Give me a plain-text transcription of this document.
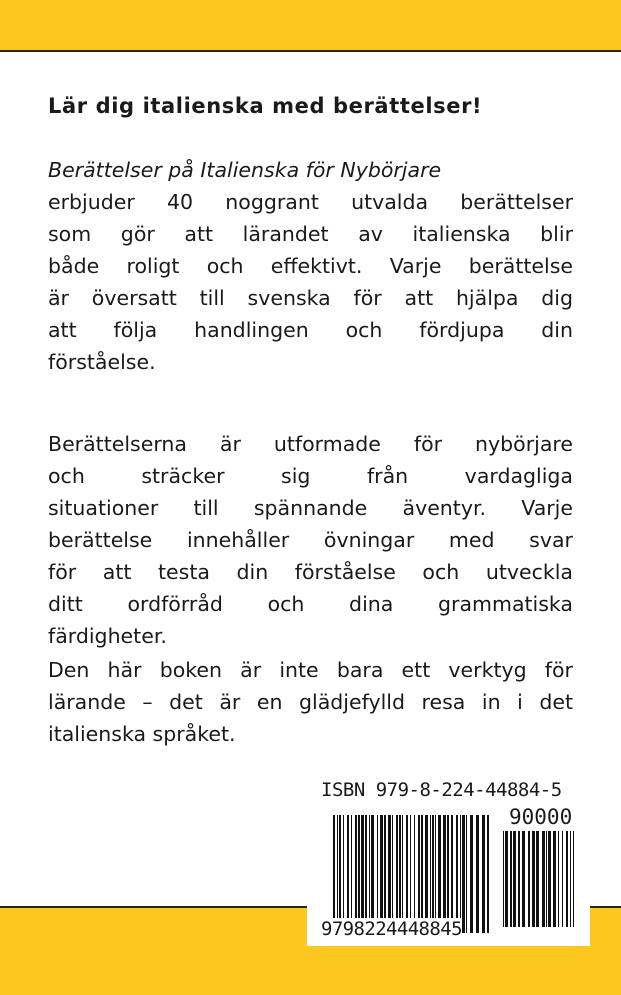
Lär dig italienska med berättelser!
Berättelser på Italienska för Nybörjare
erbjuder 40 noggrant utvalda berättelser
som gör att lärandet av italienska blir
både roligt och effektivt. Varje berättelse
är översatt till svenska för att hjälpa dig
att följa handlingen och fördjupa din
förståelse.
Berättelserna är utformade för nybörjare
och sträcker sig från vardagliga
situationer till spännande äventyr. Varje
berättelse innehåller övningar med svar
för att testa din förståelse och utveckla
ditt ordförråd och dina grammatiska
färdigheter.
Den här boken är inte bara ett verktyg för
lärande – det är en glädjefylld resa in i det
italienska språket.
ISBN 979-8-224-44884-5
90000
9798224448845
